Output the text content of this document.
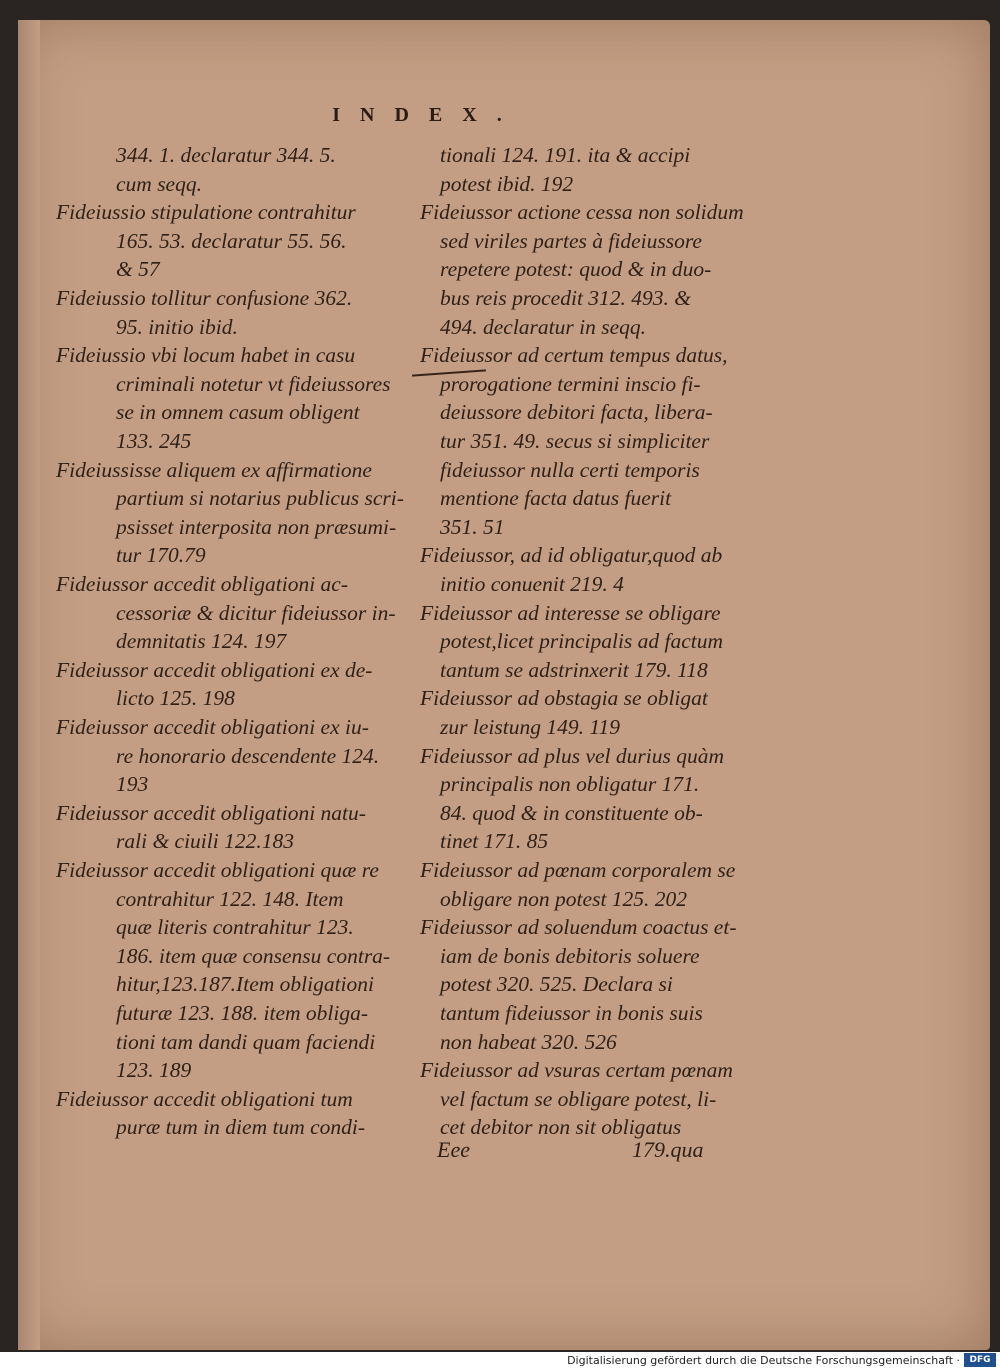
INDEX.
344. 1. declaratur 344. 5.
cum seqq.
Fideiussio stipulatione contrahitur
165. 53. declaratur 55. 56.
& 57
Fideiussio tollitur confusione 362.
95. initio ibid.
Fideiussio vbi locum habet in casu
criminali notetur vt fideiussores
se in omnem casum obligent
133. 245
Fideiussisse aliquem ex affirmatione
partium si notarius publicus scri-
psisset interposita non præsumi-
tur 170.79
Fideiussor accedit obligationi ac-
cessoriæ & dicitur fideiussor in-
demnitatis 124. 197
Fideiussor accedit obligationi ex de-
licto 125. 198
Fideiussor accedit obligationi ex iu-
re honorario descendente 124.
193
Fideiussor accedit obligationi natu-
rali & ciuili 122.183
Fideiussor accedit obligationi quæ re
contrahitur 122. 148. Item
quæ literis contrahitur 123.
186. item quæ consensu contra-
hitur,123.187.Item obligationi
futuræ 123. 188. item obliga-
tioni tam dandi quam faciendi
123. 189
Fideiussor accedit obligationi tum
puræ tum in diem tum condi-
tionali 124. 191. ita & accipi
potest ibid. 192
Fideiussor actione cessa non solidum
sed viriles partes à fideiussore
repetere potest: quod & in duo-
bus reis procedit 312. 493. &
494. declaratur in seqq.
Fideiussor ad certum tempus datus,
prorogatione termini inscio fi-
deiussore debitori facta, libera-
tur 351. 49. secus si simpliciter
fideiussor nulla certi temporis
mentione facta datus fuerit
351. 51
Fideiussor, ad id obligatur,quod ab
initio conuenit 219. 4
Fideiussor ad interesse se obligare
potest,licet principalis ad factum
tantum se adstrinxerit 179. 118
Fideiussor ad obstagia se obligat
zur leistung 149. 119
Fideiussor ad plus vel durius quàm
principalis non obligatur 171.
84. quod & in constituente ob-
tinet 171. 85
Fideiussor ad pœnam corporalem se
obligare non potest 125. 202
Fideiussor ad soluendum coactus et-
iam de bonis debitoris soluere
potest 320. 525. Declara si
tantum fideiussor in bonis suis
non habeat 320. 526
Fideiussor ad vsuras certam pœnam
vel factum se obligare potest, li-
cet debitor non sit obligatus
Eee	179.qua
Digitalisierung gefördert durch die Deutsche Forschungsgemeinschaft ·	DFG
